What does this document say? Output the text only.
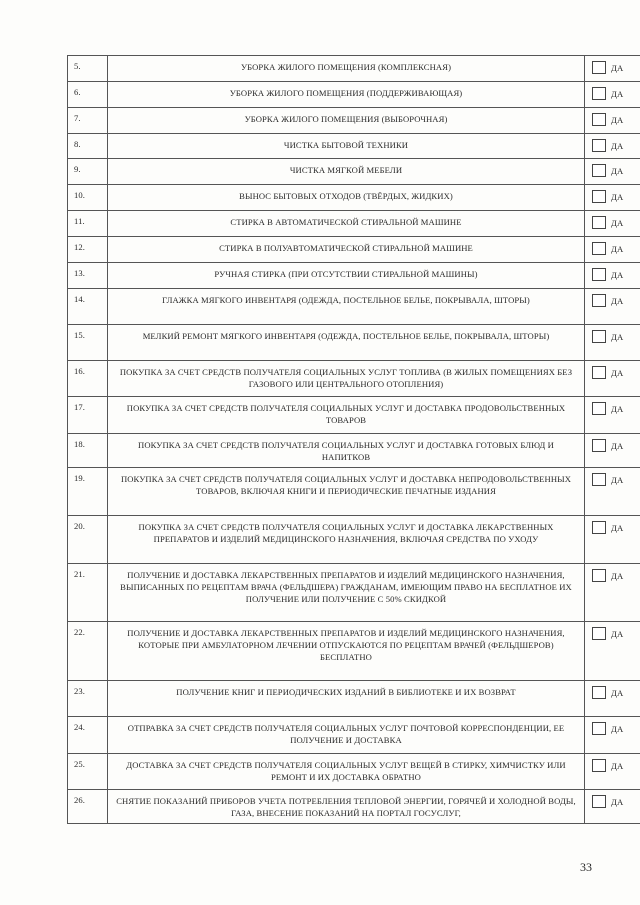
5.	УБОРКА ЖИЛОГО ПОМЕЩЕНИЯ (КОМПЛЕКСНАЯ)	ДА

6.	УБОРКА ЖИЛОГО ПОМЕЩЕНИЯ (ПОДДЕРЖИВАЮЩАЯ)	ДА

7.	УБОРКА ЖИЛОГО ПОМЕЩЕНИЯ (ВЫБОРОЧНАЯ)	ДА

8.	ЧИСТКА БЫТОВОЙ ТЕХНИКИ	ДА

9.	ЧИСТКА МЯГКОЙ МЕБЕЛИ	ДА

10.	ВЫНОС БЫТОВЫХ ОТХОДОВ (ТВЁРДЫХ, ЖИДКИХ)	ДА

11.	СТИРКА В АВТОМАТИЧЕСКОЙ СТИРАЛЬНОЙ МАШИНЕ	ДА

12.	СТИРКА В ПОЛУАВТОМАТИЧЕСКОЙ СТИРАЛЬНОЙ МАШИНЕ	ДА

13.	РУЧНАЯ СТИРКА (ПРИ ОТСУТСТВИИ СТИРАЛЬНОЙ МАШИНЫ)	ДА

14.	ГЛАЖКА МЯГКОГО ИНВЕНТАРЯ (ОДЕЖДА, ПОСТЕЛЬНОЕ БЕЛЬЕ, ПОКРЫВАЛА, ШТОРЫ)	ДА

15.	МЕЛКИЙ РЕМОНТ МЯГКОГО ИНВЕНТАРЯ (ОДЕЖДА, ПОСТЕЛЬНОЕ БЕЛЬЕ, ПОКРЫВАЛА, ШТОРЫ)	ДА

16.	ПОКУПКА ЗА СЧЕТ СРЕДСТВ ПОЛУЧАТЕЛЯ СОЦИАЛЬНЫХ УСЛУГ ТОПЛИВА (В ЖИЛЫХ ПОМЕЩЕНИЯХ БЕЗ ГАЗОВОГО ИЛИ ЦЕНТРАЛЬНОГО ОТОПЛЕНИЯ)	ДА

17.	ПОКУПКА ЗА СЧЕТ СРЕДСТВ ПОЛУЧАТЕЛЯ СОЦИАЛЬНЫХ УСЛУГ И ДОСТАВКА ПРОДОВОЛЬСТВЕННЫХ ТОВАРОВ	ДА

18.	ПОКУПКА ЗА СЧЕТ СРЕДСТВ ПОЛУЧАТЕЛЯ СОЦИАЛЬНЫХ УСЛУГ И ДОСТАВКА ГОТОВЫХ БЛЮД И НАПИТКОВ	ДА

19.	ПОКУПКА ЗА СЧЕТ СРЕДСТВ ПОЛУЧАТЕЛЯ СОЦИАЛЬНЫХ УСЛУГ И ДОСТАВКА НЕПРОДОВОЛЬСТВЕННЫХ ТОВАРОВ, ВКЛЮЧАЯ КНИГИ И ПЕРИОДИЧЕСКИЕ ПЕЧАТНЫЕ ИЗДАНИЯ	ДА

20.	ПОКУПКА ЗА СЧЕТ СРЕДСТВ ПОЛУЧАТЕЛЯ СОЦИАЛЬНЫХ УСЛУГ И ДОСТАВКА ЛЕКАРСТВЕННЫХ ПРЕПАРАТОВ И ИЗДЕЛИЙ МЕДИЦИНСКОГО НАЗНАЧЕНИЯ, ВКЛЮЧАЯ СРЕДСТВА ПО УХОДУ	ДА

21.	ПОЛУЧЕНИЕ И ДОСТАВКА ЛЕКАРСТВЕННЫХ ПРЕПАРАТОВ И ИЗДЕЛИЙ МЕДИЦИНСКОГО НАЗНАЧЕНИЯ, ВЫПИСАННЫХ ПО РЕЦЕПТАМ ВРАЧА (ФЕЛЬДШЕРА) ГРАЖДАНАМ, ИМЕЮЩИМ ПРАВО НА БЕСПЛАТНОЕ ИХ ПОЛУЧЕНИЕ ИЛИ ПОЛУЧЕНИЕ С 50% СКИДКОЙ	ДА

22.	ПОЛУЧЕНИЕ И ДОСТАВКА ЛЕКАРСТВЕННЫХ ПРЕПАРАТОВ И ИЗДЕЛИЙ МЕДИЦИНСКОГО НАЗНАЧЕНИЯ, КОТОРЫЕ ПРИ АМБУЛАТОРНОМ ЛЕЧЕНИИ ОТПУСКАЮТСЯ ПО РЕЦЕПТАМ ВРАЧЕЙ (ФЕЛЬДШЕРОВ) БЕСПЛАТНО	ДА

23.	ПОЛУЧЕНИЕ КНИГ И ПЕРИОДИЧЕСКИХ ИЗДАНИЙ В БИБЛИОТЕКЕ И ИХ ВОЗВРАТ	ДА

24.	ОТПРАВКА ЗА СЧЕТ СРЕДСТВ ПОЛУЧАТЕЛЯ СОЦИАЛЬНЫХ УСЛУГ ПОЧТОВОЙ КОРРЕСПОНДЕНЦИИ, ЕЕ ПОЛУЧЕНИЕ И ДОСТАВКА	ДА

25.	ДОСТАВКА ЗА СЧЕТ СРЕДСТВ ПОЛУЧАТЕЛЯ СОЦИАЛЬНЫХ УСЛУГ ВЕЩЕЙ В СТИРКУ, ХИМЧИСТКУ ИЛИ РЕМОНТ И ИХ ДОСТАВКА ОБРАТНО	ДА

26.	СНЯТИЕ ПОКАЗАНИЙ ПРИБОРОВ УЧЕТА ПОТРЕБЛЕНИЯ ТЕПЛОВОЙ ЭНЕРГИИ, ГОРЯЧЕЙ И ХОЛОДНОЙ ВОДЫ, ГАЗА, ВНЕСЕНИЕ ПОКАЗАНИЙ НА ПОРТАЛ ГОСУСЛУГ,	ДА
33
